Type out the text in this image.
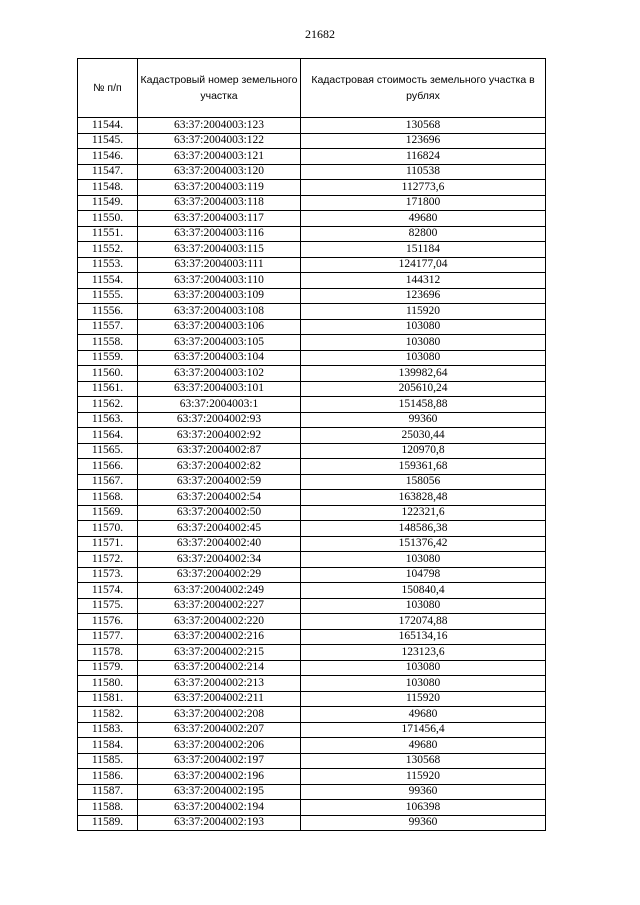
21682
№ п/п	Кадастровый номер земельного участка	Кадастровая стоимость земельного участка в рублях
11544.	63:37:2004003:123	130568
11545.	63:37:2004003:122	123696
11546.	63:37:2004003:121	116824
11547.	63:37:2004003:120	110538
11548.	63:37:2004003:119	112773,6
11549.	63:37:2004003:118	171800
11550.	63:37:2004003:117	49680
11551.	63:37:2004003:116	82800
11552.	63:37:2004003:115	151184
11553.	63:37:2004003:111	124177,04
11554.	63:37:2004003:110	144312
11555.	63:37:2004003:109	123696
11556.	63:37:2004003:108	115920
11557.	63:37:2004003:106	103080
11558.	63:37:2004003:105	103080
11559.	63:37:2004003:104	103080
11560.	63:37:2004003:102	139982,64
11561.	63:37:2004003:101	205610,24
11562.	63:37:2004003:1	151458,88
11563.	63:37:2004002:93	99360
11564.	63:37:2004002:92	25030,44
11565.	63:37:2004002:87	120970,8
11566.	63:37:2004002:82	159361,68
11567.	63:37:2004002:59	158056
11568.	63:37:2004002:54	163828,48
11569.	63:37:2004002:50	122321,6
11570.	63:37:2004002:45	148586,38
11571.	63:37:2004002:40	151376,42
11572.	63:37:2004002:34	103080
11573.	63:37:2004002:29	104798
11574.	63:37:2004002:249	150840,4
11575.	63:37:2004002:227	103080
11576.	63:37:2004002:220	172074,88
11577.	63:37:2004002:216	165134,16
11578.	63:37:2004002:215	123123,6
11579.	63:37:2004002:214	103080
11580.	63:37:2004002:213	103080
11581.	63:37:2004002:211	115920
11582.	63:37:2004002:208	49680
11583.	63:37:2004002:207	171456,4
11584.	63:37:2004002:206	49680
11585.	63:37:2004002:197	130568
11586.	63:37:2004002:196	115920
11587.	63:37:2004002:195	99360
11588.	63:37:2004002:194	106398
11589.	63:37:2004002:193	99360
